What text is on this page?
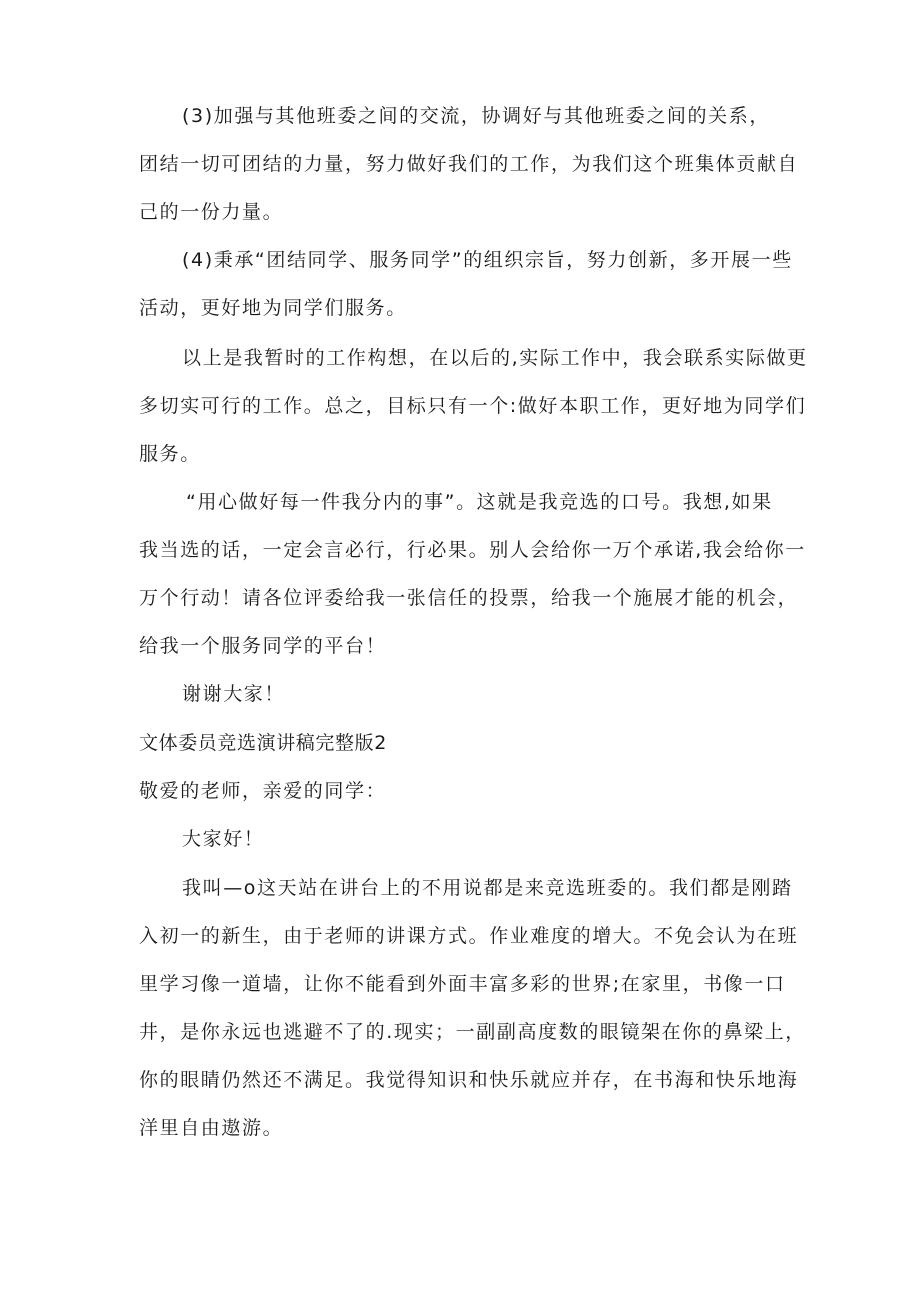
(3)加强与其他班委之间的交流，协调好与其他班委之间的关系，
团结一切可团结的力量，努力做好我们的工作，为我们这个班集体贡献自
己的一份力量。
(4)秉承“团结同学、服务同学”的组织宗旨，努力创新，多开展一些
活动，更好地为同学们服务。
以上是我暂时的工作构想，在以后的,实际工作中，我会联系实际做更
多切实可行的工作。总之，目标只有一个:做好本职工作，更好地为同学们
服务。
“用心做好每一件我分内的事”。这就是我竞选的口号。我想,如果
我当选的话，一定会言必行，行必果。别人会给你一万个承诺,我会给你一
万个行动！请各位评委给我一张信任的投票，给我一个施展才能的机会，
给我一个服务同学的平台！
谢谢大家！
文体委员竞选演讲稿完整版2
敬爱的老师，亲爱的同学：
大家好！
我叫—o这天站在讲台上的不用说都是来竞选班委的。我们都是刚踏
入初一的新生，由于老师的讲课方式。作业难度的增大。不免会认为在班
里学习像一道墙，让你不能看到外面丰富多彩的世界;在家里，书像一口
井，是你永远也逃避不了的.现实；一副副高度数的眼镜架在你的鼻梁上，
你的眼睛仍然还不满足。我觉得知识和快乐就应并存，在书海和快乐地海
洋里自由遨游。
